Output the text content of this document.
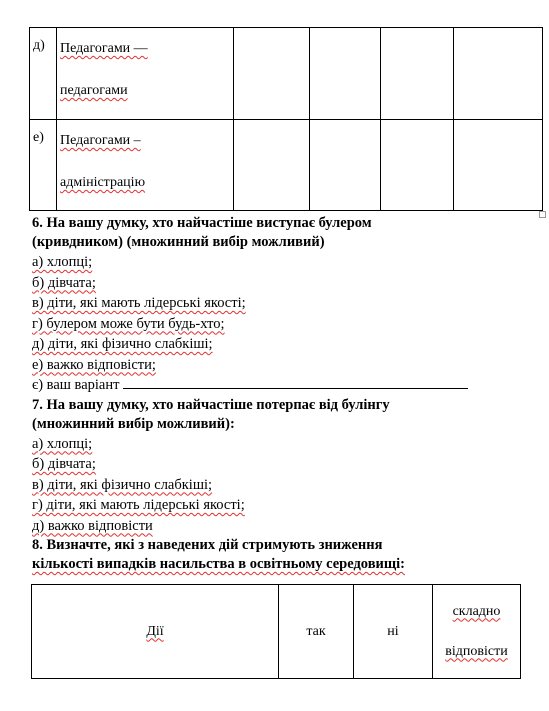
д)	Педагогами —

педагогами				
е)	Педагогами –

адміністрацію				

6. На вашу думку, хто найчастіше виступає булером
(кривдником) (множинний вибір можливий)

а) хлопці;

б) дівчата;

в) діти, які мають лідерські якості;

г) булером може бути будь-хто;

д) діти, які фізично слабкіші;

е) важко відповісти;

є) ваш варіант

7. На вашу думку, хто найчастіше потерпає від булінгу
(множинний вибір можливий):

а) хлопці;

б) дівчата;

в) діти, які фізично слабкіші;

г) діти, які мають лідерські якості;

д) важко відповісти

8. Визначте, які з наведених дій стримують зниження
кількості випадків насильства в освітньому середовищі:

Дії	так	ні	складно
відповісти
